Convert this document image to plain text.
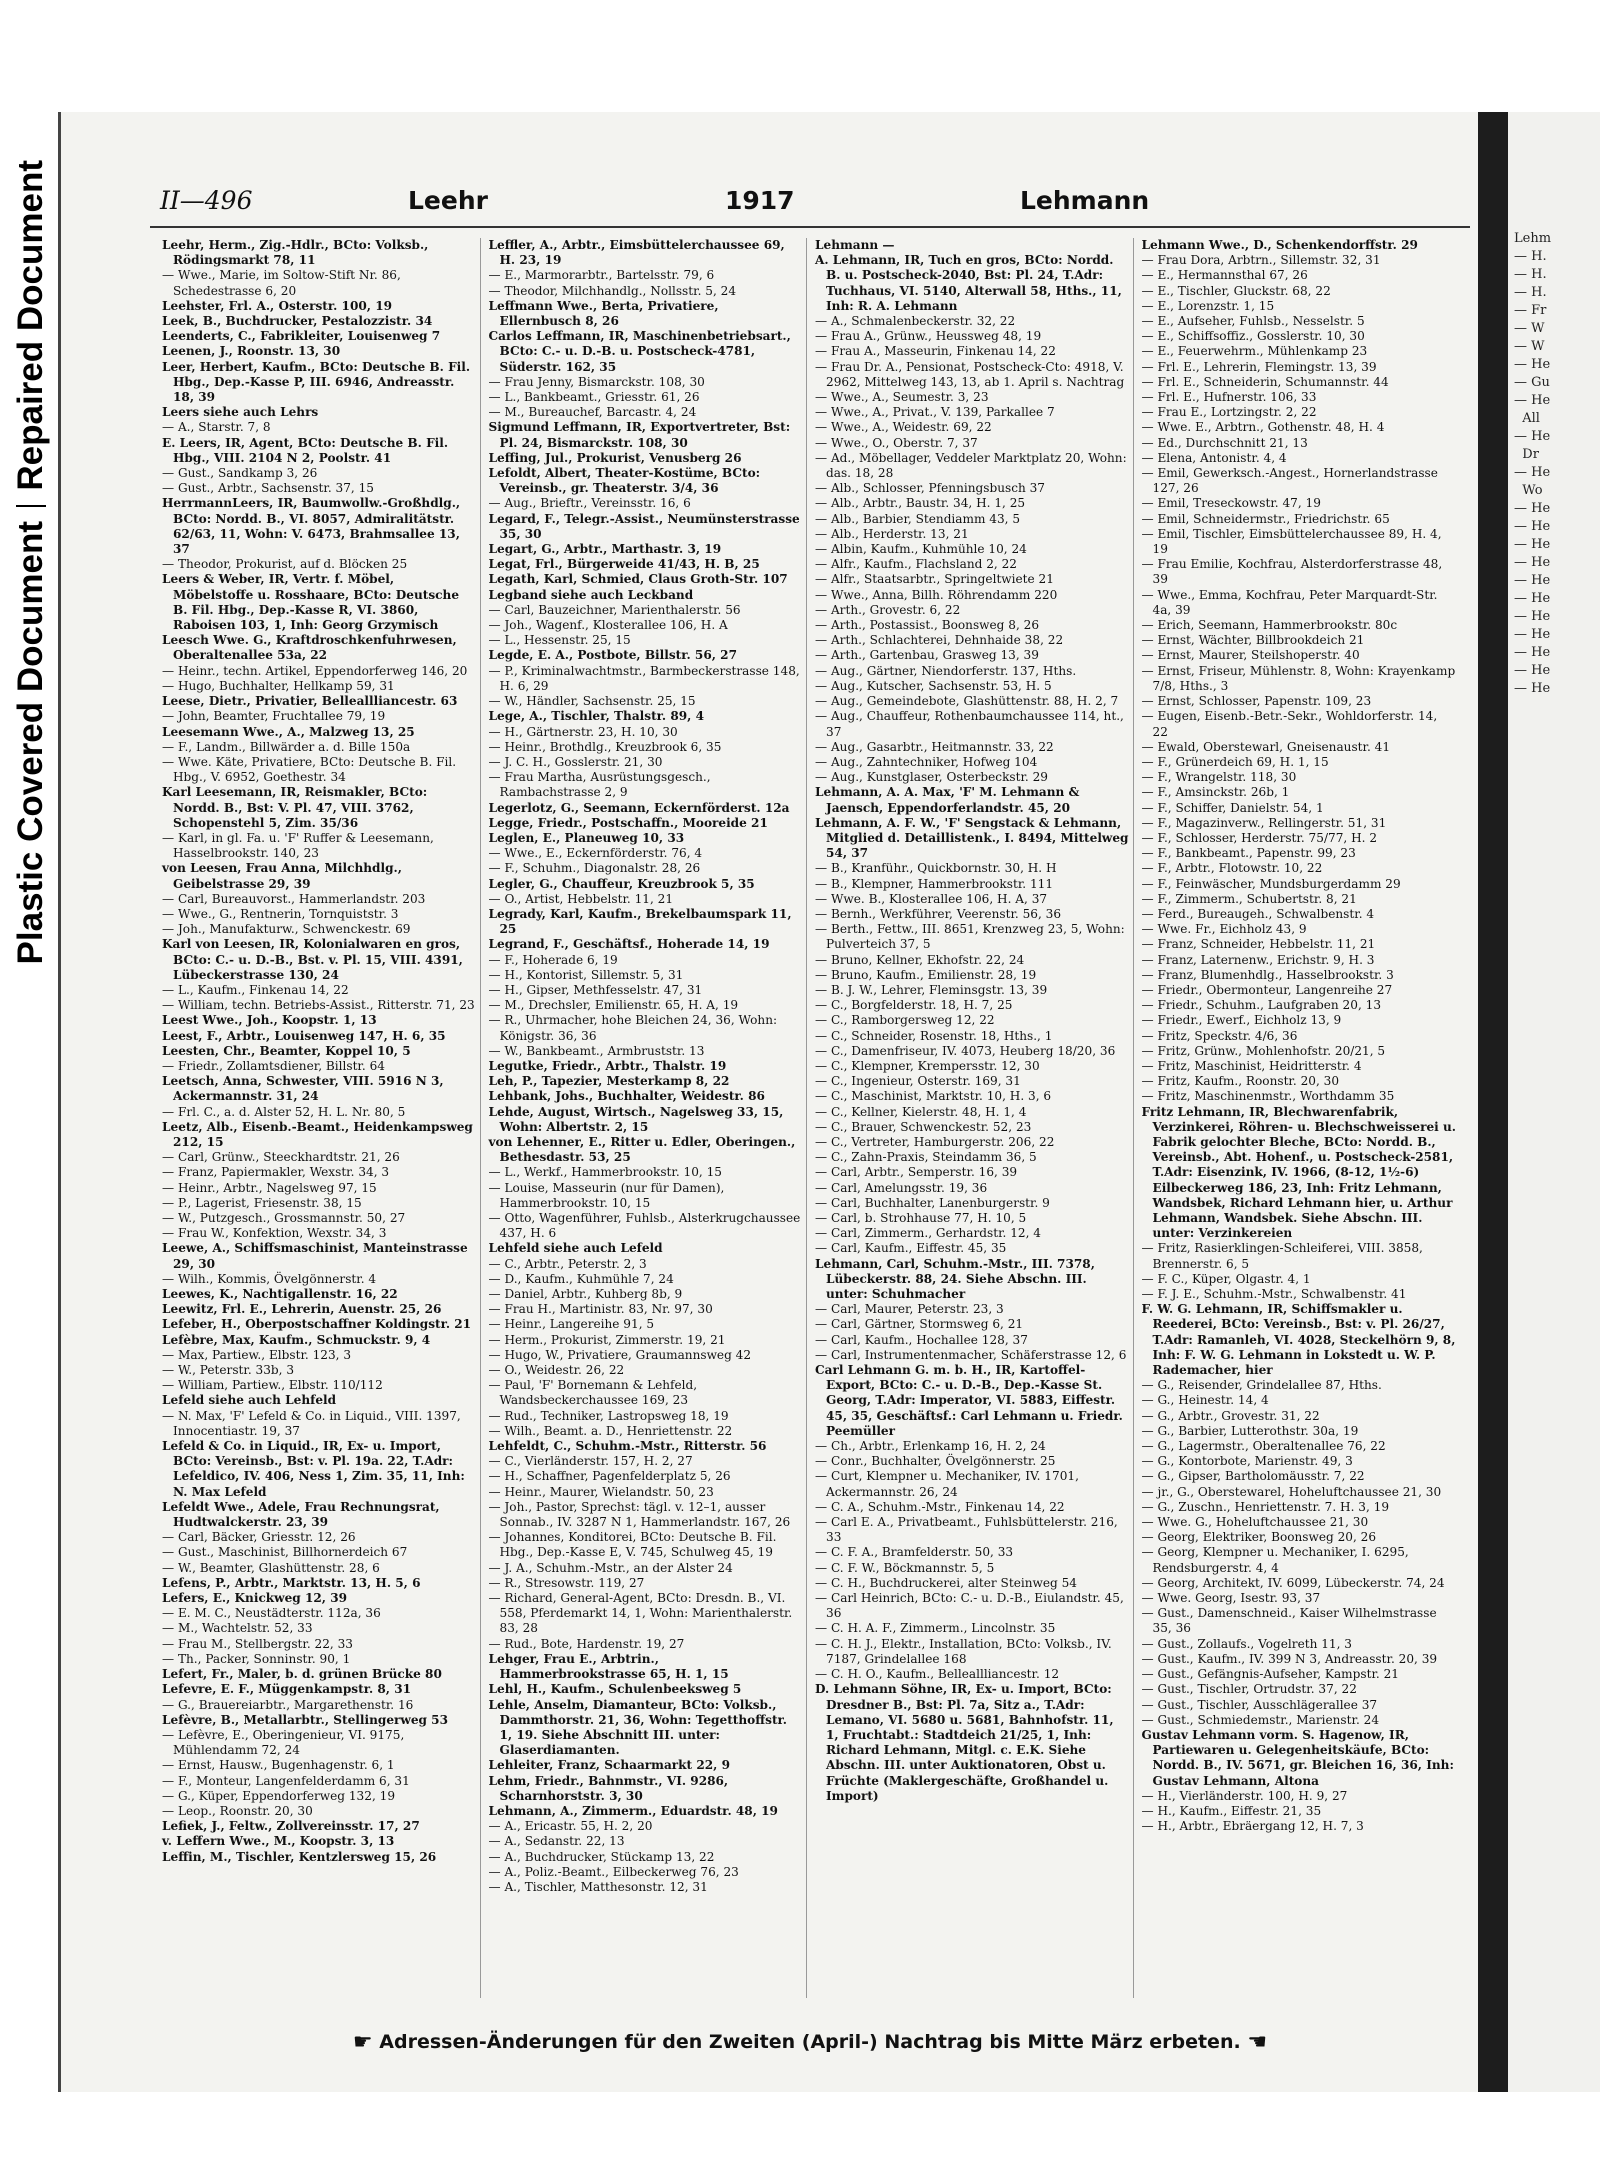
Repaired Document
Plastic Covered Document
Lehm
— H.
— H.
— H.
— Fr
— W
— W
— He
— Gu
— He
All
— He
Dr
— He
Wo
— He
— He
— He
— He
— He
— He
— He
— He
— He
— He
— He
II—496	Leehr	1917	Lehmann

Leehr, Herm., Zig.-Hdlr., BCto: Volksb., Rödingsmarkt 78, 11

— Wwe., Marie, im Soltow-Stift Nr. 86, Schedestrasse 6, 20

Leehster, Frl. A., Osterstr. 100, 19

Leek, B., Buchdrucker, Pestalozzistr. 34

Leenderts, C., Fabrikleiter, Louisenweg 7

Leenen, J., Roonstr. 13, 30

Leer, Herbert, Kaufm., BCto: Deutsche B. Fil. Hbg., Dep.-Kasse P, III. 6946, Andreasstr. 18, 39

Leers siehe auch Lehrs

— A., Starstr. 7, 8

E. Leers, IR, Agent, BCto: Deutsche B. Fil. Hbg., VIII. 2104 N 2, Poolstr. 41

— Gust., Sandkamp 3, 26

— Gust., Arbtr., Sachsenstr. 37, 15

HerrmannLeers, IR, Baumwollw.-Großhdlg., BCto: Nordd. B., VI. 8057, Admiralitätstr. 62/63, 11, Wohn: V. 6473, Brahmsallee 13, 37

— Theodor, Prokurist, auf d. Blöcken 25

Leers & Weber, IR, Vertr. f. Möbel, Möbelstoffe u. Rosshaare, BCto: Deutsche B. Fil. Hbg., Dep.-Kasse R, VI. 3860, Raboisen 103, 1, Inh: Georg Grzymisch

Leesch Wwe. G., Kraftdroschkenfuhrwesen, Oberaltenallee 53a, 22

— Heinr., techn. Artikel, Eppendorferweg 146, 20

— Hugo, Buchhalter, Hellkamp 59, 31

Leese, Dietr., Privatier, Belleallliancestr. 63

— John, Beamter, Fruchtallee 79, 19

Leesemann Wwe., A., Malzweg 13, 25

— F., Landm., Billwärder a. d. Bille 150a

— Wwe. Käte, Privatiere, BCto: Deutsche B. Fil. Hbg., V. 6952, Goethestr. 34

Karl Leesemann, IR, Reismakler, BCto: Nordd. B., Bst: V. Pl. 47, VIII. 3762, Schopenstehl 5, Zim. 35/36

— Karl, in gl. Fa. u. 'F' Ruffer & Leesemann, Hasselbrookstr. 140, 23

von Leesen, Frau Anna, Milchhdlg., Geibelstrasse 29, 39

— Carl, Bureauvorst., Hammerlandstr. 203

— Wwe., G., Rentnerin, Tornquiststr. 3

— Joh., Manufakturw., Schwenckestr. 69

Karl von Leesen, IR, Kolonialwaren en gros, BCto: C.- u. D.-B., Bst. v. Pl. 15, VIII. 4391, Lübeckerstrasse 130, 24

— L., Kaufm., Finkenau 14, 22

— William, techn. Betriebs-Assist., Ritterstr. 71, 23

Leest Wwe., Joh., Koopstr. 1, 13

Leest, F., Arbtr., Louisenweg 147, H. 6, 35

Leesten, Chr., Beamter, Koppel 10, 5

— Friedr., Zollamtsdiener, Billstr. 64

Leetsch, Anna, Schwester, VIII. 5916 N 3, Ackermannstr. 31, 24

— Frl. C., a. d. Alster 52, H. L. Nr. 80, 5

Leetz, Alb., Eisenb.-Beamt., Heidenkampsweg 212, 15

— Carl, Grünw., Steeckhardtstr. 21, 26

— Franz, Papiermakler, Wexstr. 34, 3

— Heinr., Arbtr., Nagelsweg 97, 15

— P., Lagerist, Friesenstr. 38, 15

— W., Putzgesch., Grossmannstr. 50, 27

— Frau W., Konfektion, Wexstr. 34, 3

Leewe, A., Schiffsmaschinist, Manteinstrasse 29, 30

— Wilh., Kommis, Övelgönnerstr. 4

Leewes, K., Nachtigallenstr. 16, 22

Leewitz, Frl. E., Lehrerin, Auenstr. 25, 26

Lefeber, H., Oberpostschaffner Koldingstr. 21

Lefèbre, Max, Kaufm., Schmuckstr. 9, 4

— Max, Partiew., Elbstr. 123, 3

— W., Peterstr. 33b, 3

— William, Partiew., Elbstr. 110/112

Lefeld siehe auch Lehfeld

— N. Max, 'F' Lefeld & Co. in Liquid., VIII. 1397, Innocentiastr. 19, 37

Lefeld & Co. in Liquid., IR, Ex- u. Import, BCto: Vereinsb., Bst: v. Pl. 19a. 22, T.Adr: Lefeldico, IV. 406, Ness 1, Zim. 35, 11, Inh: N. Max Lefeld

Lefeldt Wwe., Adele, Frau Rechnungsrat, Hudtwalckerstr. 23, 39

— Carl, Bäcker, Griesstr. 12, 26

— Gust., Maschinist, Billhornerdeich 67

— W., Beamter, Glashüttenstr. 28, 6

Lefens, P., Arbtr., Marktstr. 13, H. 5, 6

Lefers, E., Knickweg 12, 39

— E. M. C., Neustädterstr. 112a, 36

— M., Wachtelstr. 52, 33

— Frau M., Stellbergstr. 22, 33

— Th., Packer, Sonninstr. 90, 1

Lefert, Fr., Maler, b. d. grünen Brücke 80

Lefevre, E. F., Müggenkampstr. 8, 31

— G., Brauereiarbtr., Margarethenstr. 16

Lefèvre, B., Metallarbtr., Stellingerweg 53

— Lefèvre, E., Oberingenieur, VI. 9175, Mühlendamm 72, 24

— Ernst, Hausw., Bugenhagenstr. 6, 1

— F., Monteur, Langenfelderdamm 6, 31

— G., Küper, Eppendorferweg 132, 19

— Leop., Roonstr. 20, 30

Lefiek, J., Feltw., Zollvereinsstr. 17, 27

v. Leffern Wwe., M., Koopstr. 3, 13

Leffin, M., Tischler, Kentzlersweg 15, 26

Leffler, A., Arbtr., Eimsbüttelerchaussee 69, H. 23, 19

— E., Marmorarbtr., Bartelsstr. 79, 6

— Theodor, Milchhandlg., Nollsstr. 5, 24

Leffmann Wwe., Berta, Privatiere, Ellernbusch 8, 26

Carlos Leffmann, IR, Maschinenbetriebsart., BCto: C.- u. D.-B. u. Postscheck-4781, Süderstr. 162, 35

— Frau Jenny, Bismarckstr. 108, 30

— L., Bankbeamt., Griesstr. 61, 26

— M., Bureauchef, Barcastr. 4, 24

Sigmund Leffmann, IR, Exportvertreter, Bst: Pl. 24, Bismarckstr. 108, 30

Leffing, Jul., Prokurist, Venusberg 26

Lefoldt, Albert, Theater-Kostüme, BCto: Vereinsb., gr. Theaterstr. 3/4, 36

— Aug., Brieftr., Vereinsstr. 16, 6

Legard, F., Telegr.-Assist., Neumünsterstrasse 35, 30

Legart, G., Arbtr., Marthastr. 3, 19

Legat, Frl., Bürgerweide 41/43, H. B, 25

Legath, Karl, Schmied, Claus Groth-Str. 107

Legband siehe auch Leckband

— Carl, Bauzeichner, Marienthalerstr. 56

— Joh., Wagenf., Klosterallee 106, H. A

— L., Hessenstr. 25, 15

Legde, E. A., Postbote, Billstr. 56, 27

— P., Kriminalwachtmstr., Barmbeckerstrasse 148, H. 6, 29

— W., Händler, Sachsenstr. 25, 15

Lege, A., Tischler, Thalstr. 89, 4

— H., Gärtnerstr. 23, H. 10, 30

— Heinr., Brothdlg., Kreuzbrook 6, 35

— J. C. H., Gosslerstr. 21, 30

— Frau Martha, Ausrüstungsgesch., Rambachstrasse 2, 9

Legerlotz, G., Seemann, Eckernförderst. 12a

Legge, Friedr., Postschaffn., Mooreide 21

Leglen, E., Planeuweg 10, 33

— Wwe., E., Eckernförderstr. 76, 4

— F., Schuhm., Diagonalstr. 28, 26

Legler, G., Chauffeur, Kreuzbrook 5, 35

— O., Artist, Hebbelstr. 11, 21

Legrady, Karl, Kaufm., Brekelbaumspark 11, 25

Legrand, F., Geschäftsf., Hoherade 14, 19

— F., Hoherade 6, 19

— H., Kontorist, Sillemstr. 5, 31

— H., Gipser, Methfesselstr. 47, 31

— M., Drechsler, Emilienstr. 65, H. A, 19

— R., Uhrmacher, hohe Bleichen 24, 36, Wohn: Königstr. 36, 36

— W., Bankbeamt., Armbruststr. 13

Legutke, Friedr., Arbtr., Thalstr. 19

Leh, P., Tapezier, Mesterkamp 8, 22

Lehbank, Johs., Buchhalter, Weidestr. 86

Lehde, August, Wirtsch., Nagelsweg 33, 15, Wohn: Albertstr. 2, 15

von Lehenner, E., Ritter u. Edler, Oberingen., Bethesdastr. 53, 25

— L., Werkf., Hammerbrookstr. 10, 15

— Louise, Masseurin (nur für Damen), Hammerbrookstr. 10, 15

— Otto, Wagenführer, Fuhlsb., Alsterkrugchaussee 437, H. 6

Lehfeld siehe auch Lefeld

— C., Arbtr., Peterstr. 2, 3

— D., Kaufm., Kuhmühle 7, 24

— Daniel, Arbtr., Kuhberg 8b, 9

— Frau H., Martinistr. 83, Nr. 97, 30

— Heinr., Langereihe 91, 5

— Herm., Prokurist, Zimmerstr. 19, 21

— Hugo, W., Privatiere, Graumannsweg 42

— O., Weidestr. 26, 22

— Paul, 'F' Bornemann & Lehfeld, Wandsbeckerchaussee 169, 23

— Rud., Techniker, Lastropsweg 18, 19

— Wilh., Beamt. a. D., Henriettenstr. 22

Lehfeldt, C., Schuhm.-Mstr., Ritterstr. 56

— C., Vierländerstr. 157, H. 2, 27

— H., Schaffner, Pagenfelderplatz 5, 26

— Heinr., Maurer, Wielandstr. 50, 23

— Joh., Pastor, Sprechst: tägl. v. 12–1, ausser Sonnab., IV. 3287 N 1, Hammerlandstr. 167, 26

— Johannes, Konditorei, BCto: Deutsche B. Fil. Hbg., Dep.-Kasse E, V. 745, Schulweg 45, 19

— J. A., Schuhm.-Mstr., an der Alster 24

— R., Stresowstr. 119, 27

— Richard, General-Agent, BCto: Dresdn. B., VI. 558, Pferdemarkt 14, 1, Wohn: Marienthalerstr. 83, 28

— Rud., Bote, Hardenstr. 19, 27

Lehger, Frau E., Arbtrin., Hammerbrookstrasse 65, H. 1, 15

Lehl, H., Kaufm., Schulenbeeksweg 5

Lehle, Anselm, Diamanteur, BCto: Volksb., Dammthorstr. 21, 36, Wohn: Tegetthoffstr. 1, 19. Siehe Abschnitt III. unter: Glaserdiamanten.

Lehleiter, Franz, Schaarmarkt 22, 9

Lehm, Friedr., Bahnmstr., VI. 9286, Scharnhorststr. 3, 30

Lehmann, A., Zimmerm., Eduardstr. 48, 19

— A., Ericastr. 55, H. 2, 20

— A., Sedanstr. 22, 13

— A., Buchdrucker, Stückamp 13, 22

— A., Poliz.-Beamt., Eilbeckerweg 76, 23

— A., Tischler, Matthesonstr. 12, 31

Lehmann —

A. Lehmann, IR, Tuch en gros, BCto: Nordd. B. u. Postscheck-2040, Bst: Pl. 24, T.Adr: Tuchhaus, VI. 5140, Alterwall 58, Hths., 11, Inh: R. A. Lehmann

— A., Schmalenbeckerstr. 32, 22

— Frau A., Grünw., Heussweg 48, 19

— Frau A., Masseurin, Finkenau 14, 22

— Frau Dr. A., Pensionat, Postscheck-Cto: 4918, V. 2962, Mittelweg 143, 13, ab 1. April s. Nachtrag

— Wwe., A., Seumestr. 3, 23

— Wwe., A., Privat., V. 139, Parkallee 7

— Wwe., A., Weidestr. 69, 22

— Wwe., O., Oberstr. 7, 37

— Ad., Möbellager, Veddeler Marktplatz 20, Wohn: das. 18, 28

— Alb., Schlosser, Pfenningsbusch 37

— Alb., Arbtr., Baustr. 34, H. 1, 25

— Alb., Barbier, Stendiamm 43, 5

— Alb., Herderstr. 13, 21

— Albin, Kaufm., Kuhmühle 10, 24

— Alfr., Kaufm., Flachsland 2, 22

— Alfr., Staatsarbtr., Springeltwiete 21

— Wwe., Anna, Billh. Röhrendamm 220

— Arth., Grovestr. 6, 22

— Arth., Postassist., Boonsweg 8, 26

— Arth., Schlachterei, Dehnhaide 38, 22

— Arth., Gartenbau, Grasweg 13, 39

— Aug., Gärtner, Niendorferstr. 137, Hths.

— Aug., Kutscher, Sachsenstr. 53, H. 5

— Aug., Gemeindebote, Glashüttenstr. 88, H. 2, 7

— Aug., Chauffeur, Rothenbaumchaussee 114, ht., 37

— Aug., Gasarbtr., Heitmannstr. 33, 22

— Aug., Zahntechniker, Hofweg 104

— Aug., Kunstglaser, Osterbeckstr. 29

Lehmann, A. A. Max, 'F' M. Lehmann & Jaensch, Eppendorferlandstr. 45, 20

Lehmann, A. F. W., 'F' Sengstack & Lehmann, Mitglied d. Detaillistenk., I. 8494, Mittelweg 54, 37

— B., Kranführ., Quickbornstr. 30, H. H

— B., Klempner, Hammerbrookstr. 111

— Wwe. B., Klosterallee 106, H. A, 37

— Bernh., Werkführer, Veerenstr. 56, 36

— Berth., Fettw., III. 8651, Krenzweg 23, 5, Wohn: Pulverteich 37, 5

— Bruno, Kellner, Ekhofstr. 22, 24

— Bruno, Kaufm., Emilienstr. 28, 19

— B. J. W., Lehrer, Fleminsgstr. 13, 39

— C., Borgfelderstr. 18, H. 7, 25

— C., Ramborgersweg 12, 22

— C., Schneider, Rosenstr. 18, Hths., 1

— C., Damenfriseur, IV. 4073, Heuberg 18/20, 36

— C., Klempner, Krempersstr. 12, 30

— C., Ingenieur, Osterstr. 169, 31

— C., Maschinist, Marktstr. 10, H. 3, 6

— C., Kellner, Kielerstr. 48, H. 1, 4

— C., Brauer, Schwenckestr. 52, 23

— C., Vertreter, Hamburgerstr. 206, 22

— C., Zahn-Praxis, Steindamm 36, 5

— Carl, Arbtr., Semperstr. 16, 39

— Carl, Amelungsstr. 19, 36

— Carl, Buchhalter, Lanenburgerstr. 9

— Carl, b. Strohhause 77, H. 10, 5

— Carl, Zimmerm., Gerhardstr. 12, 4

— Carl, Kaufm., Eiffestr. 45, 35

Lehmann, Carl, Schuhm.-Mstr., III. 7378, Lübeckerstr. 88, 24. Siehe Abschn. III. unter: Schuhmacher

— Carl, Maurer, Peterstr. 23, 3

— Carl, Gärtner, Stormsweg 6, 21

— Carl, Kaufm., Hochallee 128, 37

— Carl, Instrumentenmacher, Schäferstrasse 12, 6

Carl Lehmann G. m. b. H., IR, Kartoffel-Export, BCto: C.- u. D.-B., Dep.-Kasse St. Georg, T.Adr: Imperator, VI. 5883, Eiffestr. 45, 35, Geschäftsf.: Carl Lehmann u. Friedr. Peemüller

— Ch., Arbtr., Erlenkamp 16, H. 2, 24

— Conr., Buchhalter, Övelgönnerstr. 25

— Curt, Klempner u. Mechaniker, IV. 1701, Ackermannstr. 26, 24

— C. A., Schuhm.-Mstr., Finkenau 14, 22

— Carl E. A., Privatbeamt., Fuhlsbüttelerstr. 216, 33

— C. F. A., Bramfelderstr. 50, 33

— C. F. W., Böckmannstr. 5, 5

— C. H., Buchdruckerei, alter Steinweg 54

— Carl Heinrich, BCto: C.- u. D.-B., Eiulandstr. 45, 36

— C. H. A. F., Zimmerm., Lincolnstr. 35

— C. H. J., Elektr., Installation, BCto: Volksb., IV. 7187, Grindelallee 168

— C. H. O., Kaufm., Belleallliancestr. 12

D. Lehmann Söhne, IR, Ex- u. Import, BCto: Dresdner B., Bst: Pl. 7a, Sitz a., T.Adr: Lemano, VI. 5680 u. 5681, Bahnhofstr. 11, 1, Fruchtabt.: Stadtdeich 21/25, 1, Inh: Richard Lehmann, Mitgl. c. E.K. Siehe Abschn. III. unter Auktionatoren, Obst u. Früchte (Maklergeschäfte, Großhandel u. Import)

Lehmann Wwe., D., Schenkendorffstr. 29

— Frau Dora, Arbtrn., Sillemstr. 32, 31

— E., Hermannsthal 67, 26

— E., Tischler, Gluckstr. 68, 22

— E., Lorenzstr. 1, 15

— E., Aufseher, Fuhlsb., Nesselstr. 5

— E., Schiffsoffiz., Gosslerstr. 10, 30

— E., Feuerwehrm., Mühlenkamp 23

— Frl. E., Lehrerin, Flemingstr. 13, 39

— Frl. E., Schneiderin, Schumannstr. 44

— Frl. E., Hufnerstr. 106, 33

— Frau E., Lortzingstr. 2, 22

— Wwe. E., Arbtrn., Gothenstr. 48, H. 4

— Ed., Durchschnitt 21, 13

— Elena, Antonistr. 4, 4

— Emil, Gewerksch.-Angest., Hornerlandstrasse 127, 26

— Emil, Treseckowstr. 47, 19

— Emil, Schneidermstr., Friedrichstr. 65

— Emil, Tischler, Eimsbüttelerchaussee 89, H. 4, 19

— Frau Emilie, Kochfrau, Alsterdorferstrasse 48, 39

— Wwe., Emma, Kochfrau, Peter Marquardt-Str. 4a, 39

— Erich, Seemann, Hammerbrookstr. 80c

— Ernst, Wächter, Billbrookdeich 21

— Ernst, Maurer, Steilshoperstr. 40

— Ernst, Friseur, Mühlenstr. 8, Wohn: Krayenkamp 7/8, Hths., 3

— Ernst, Schlosser, Papenstr. 109, 23

— Eugen, Eisenb.-Betr.-Sekr., Wohldorferstr. 14, 22

— Ewald, Oberstewarl, Gneisenaustr. 41

— F., Grünerdeich 69, H. 1, 15

— F., Wrangelstr. 118, 30

— F., Amsinckstr. 26b, 1

— F., Schiffer, Danielstr. 54, 1

— F., Magazinverw., Rellingerstr. 51, 31

— F., Schlosser, Herderstr. 75/77, H. 2

— F., Bankbeamt., Papenstr. 99, 23

— F., Arbtr., Flotowstr. 10, 22

— F., Feinwäscher, Mundsburgerdamm 29

— F., Zimmerm., Schubertstr. 8, 21

— Ferd., Bureaugeh., Schwalbenstr. 4

— Wwe. Fr., Eichholz 43, 9

— Franz, Schneider, Hebbelstr. 11, 21

— Franz, Laternenw., Erichstr. 9, H. 3

— Franz, Blumenhdlg., Hasselbrookstr. 3

— Friedr., Obermonteur, Langenreihe 27

— Friedr., Schuhm., Laufgraben 20, 13

— Friedr., Ewerf., Eichholz 13, 9

— Fritz, Speckstr. 4/6, 36

— Fritz, Grünw., Mohlenhofstr. 20/21, 5

— Fritz, Maschinist, Heidritterstr. 4

— Fritz, Kaufm., Roonstr. 20, 30

— Fritz, Maschinenmstr., Worthdamm 35

Fritz Lehmann, IR, Blechwarenfabrik, Verzinkerei, Röhren- u. Blechschweisserei u. Fabrik gelochter Bleche, BCto: Nordd. B., Vereinsb., Abt. Hohenf., u. Postscheck-2581, T.Adr: Eisenzink, IV. 1966, (8-12, 1½-6) Eilbeckerweg 186, 23, Inh: Fritz Lehmann, Wandsbek, Richard Lehmann hier, u. Arthur Lehmann, Wandsbek. Siehe Abschn. III. unter: Verzinkereien

— Fritz, Rasierklingen-Schleiferei, VIII. 3858, Brennerstr. 6, 5

— F. C., Küper, Olgastr. 4, 1

— F. J. E., Schuhm.-Mstr., Schwalbenstr. 41

F. W. G. Lehmann, IR, Schiffsmakler u. Reederei, BCto: Vereinsb., Bst: v. Pl. 26/27, T.Adr: Ramanleh, VI. 4028, Steckelhörn 9, 8, Inh: F. W. G. Lehmann in Lokstedt u. W. P. Rademacher, hier

— G., Reisender, Grindelallee 87, Hths.

— G., Heinestr. 14, 4

— G., Arbtr., Grovestr. 31, 22

— G., Barbier, Lutterothstr. 30a, 19

— G., Lagermstr., Oberaltenallee 76, 22

— G., Kontorbote, Marienstr. 49, 3

— G., Gipser, Bartholomäusstr. 7, 22

— jr., G., Oberstewarel, Hoheluftchaussee 21, 30

— G., Zuschn., Henriettenstr. 7. H. 3, 19

— Wwe. G., Hoheluftchaussee 21, 30

— Georg, Elektriker, Boonsweg 20, 26

— Georg, Klempner u. Mechaniker, I. 6295, Rendsburgerstr. 4, 4

— Georg, Architekt, IV. 6099, Lübeckerstr. 74, 24

— Wwe. Georg, Isestr. 93, 37

— Gust., Damenschneid., Kaiser Wilhelmstrasse 35, 36

— Gust., Zollaufs., Vogelreth 11, 3

— Gust., Kaufm., IV. 399 N 3, Andreasstr. 20, 39

— Gust., Gefängnis-Aufseher, Kampstr. 21

— Gust., Tischler, Ortrudstr. 37, 22

— Gust., Tischler, Ausschlägerallee 37

— Gust., Schmiedemstr., Marienstr. 24

Gustav Lehmann vorm. S. Hagenow, IR, Partiewaren u. Gelegenheitskäufe, BCto: Nordd. B., IV. 5671, gr. Bleichen 16, 36, Inh: Gustav Lehmann, Altona

— H., Vierländerstr. 100, H. 9, 27

— H., Kaufm., Eiffestr. 21, 35

— H., Arbtr., Ebräergang 12, H. 7, 3

☛ Adressen-Änderungen für den Zweiten (April-) Nachtrag bis Mitte März erbeten. ☚
